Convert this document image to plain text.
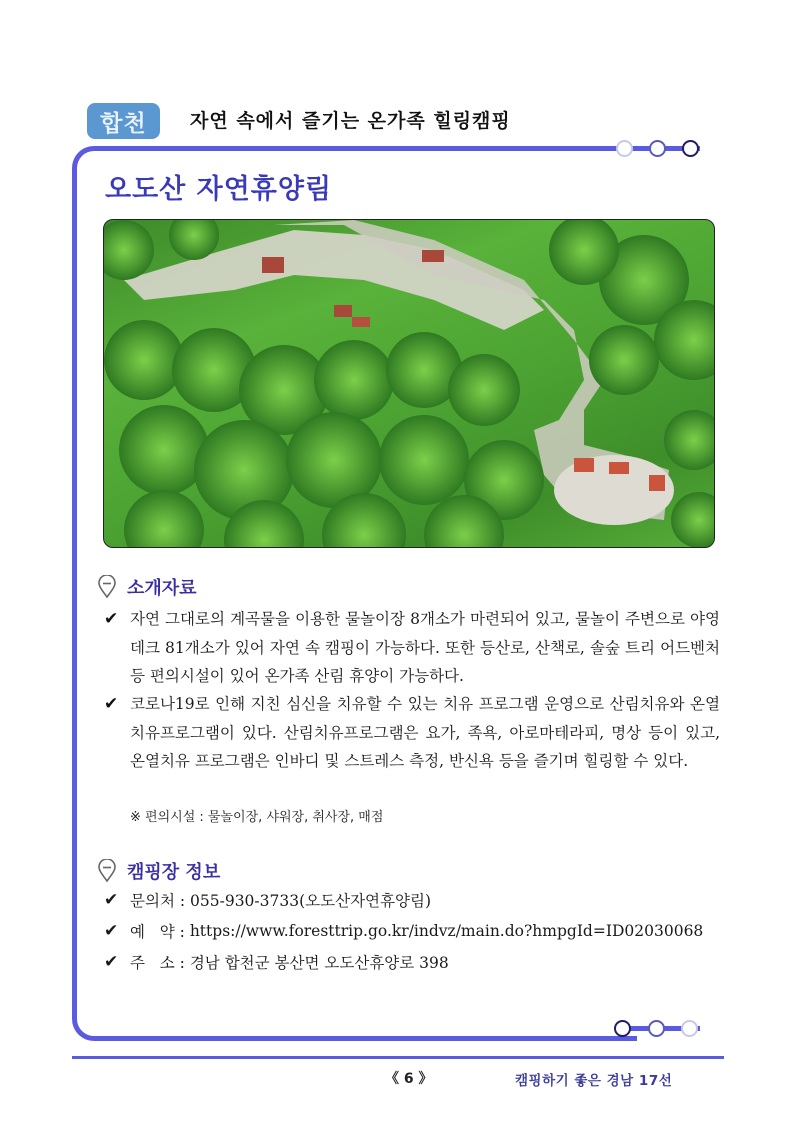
합천	자연 속에서 즐기는 온가족 힐링캠핑
오도산 자연휴양림
소개자료
✔ 자연 그대로의 계곡물을 이용한 물놀이장 8개소가 마련되어 있고, 물놀이 주변으로 야영데크 81개소가 있어 자연 속 캠핑이 가능하다. 또한 등산로, 산책로, 솔숲 트리 어드벤처 등 편의시설이 있어 온가족 산림 휴양이 가능하다.
✔ 코로나19로 인해 지친 심신을 치유할 수 있는 치유 프로그램 운영으로 산림치유와 온열치유프로그램이 있다. 산림치유프로그램은 요가, 족욕, 아로마테라피, 명상 등이 있고, 온열치유 프로그램은 인바디 및 스트레스 측정, 반신욕 등을 즐기며 힐링할 수 있다.
※ 편의시설 : 물놀이장, 샤워장, 취사장, 매점
캠핑장 정보
✔ 문의처 :
055-930-3733(오도산자연휴양림)
✔ 예   약 :
https://www.foresttrip.go.kr/indvz/main.do?hmpgId=ID02030068
✔ 주   소 :
경남 합천군 봉산면 오도산휴양로 398
《 6 》	캠핑하기 좋은 경남 17선
